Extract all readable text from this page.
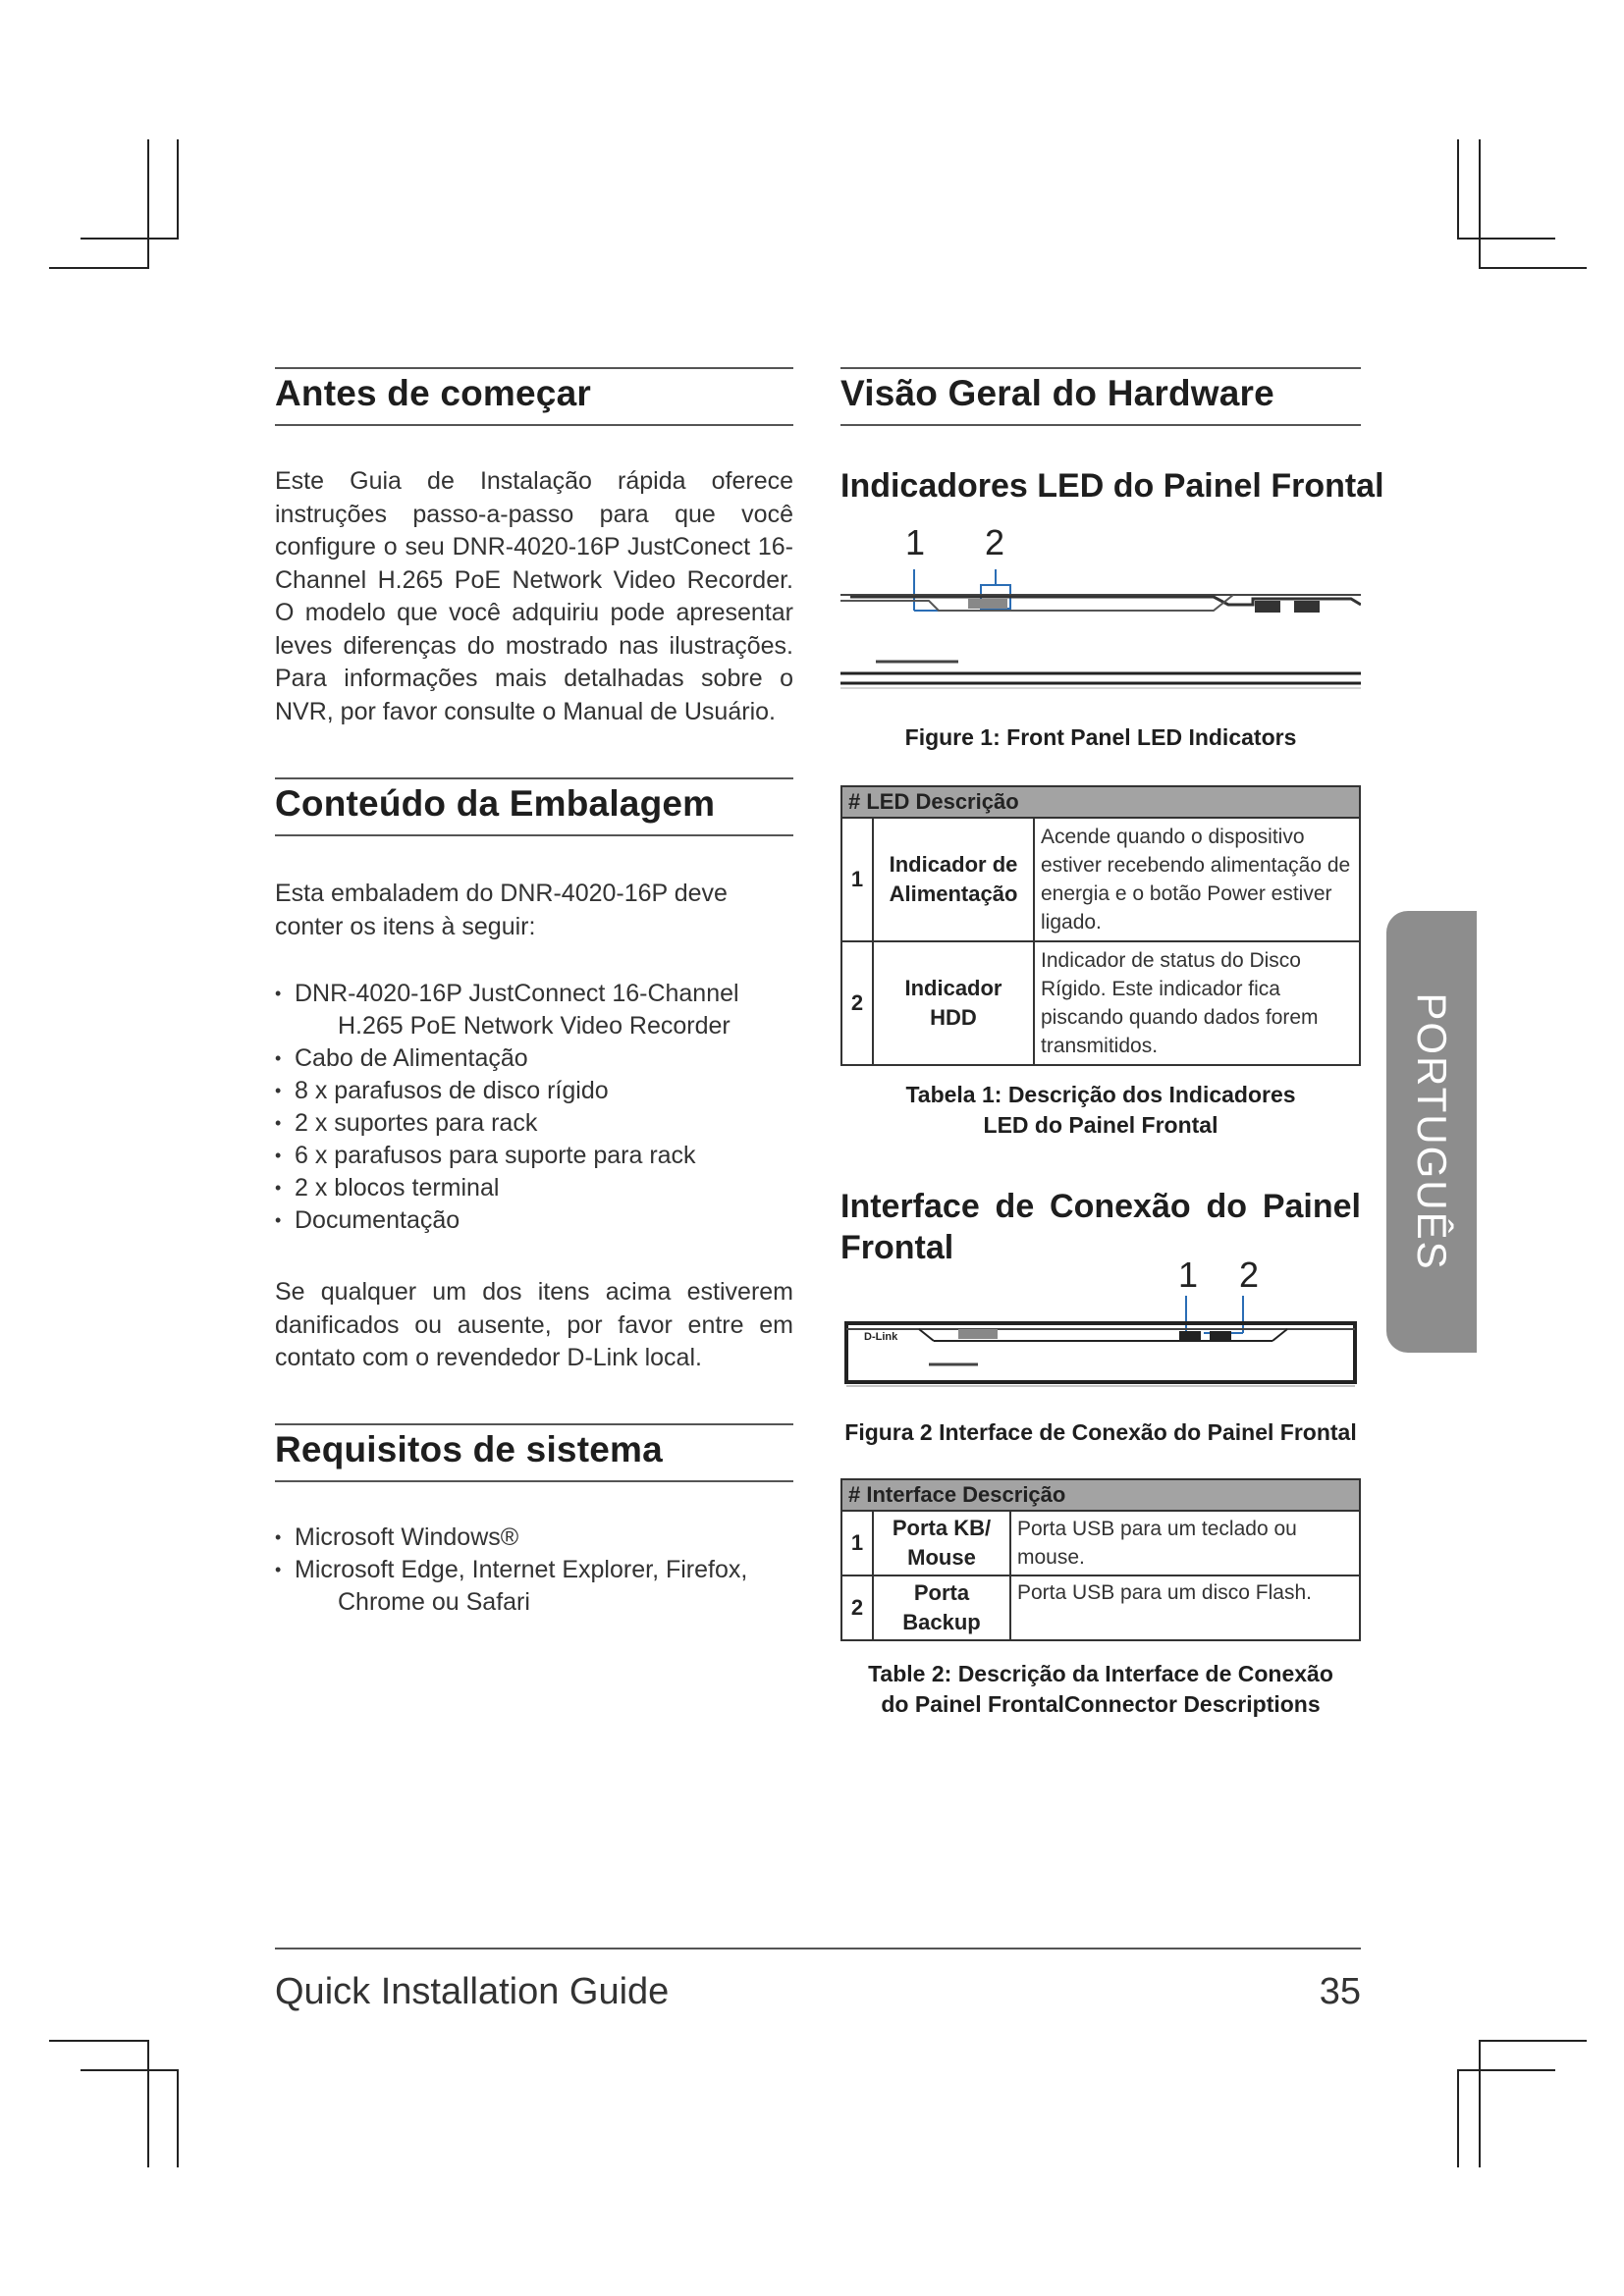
Antes de começar
Este Guia de Instalação rápida oferece instruções passo-a-passo para que você configure o seu DNR-4020-16P JustConect 16-Channel H.265 PoE Network Video Recorder. O modelo que você adquiriu pode apresentar leves diferenças do mostrado nas ilustrações. Para informações mais detalhadas sobre o NVR, por favor consulte o Manual de Usuário.
Conteúdo da Embalagem
Esta embaladem do DNR-4020-16P deve conter os itens à seguir:
• DNR-4020-16P JustConnect 16-Channel
H.265 PoE Network Video Recorder
• Cabo de Alimentação
• 8 x parafusos de disco rígido
• 2 x suportes para rack
• 6 x parafusos para suporte para rack
• 2 x blocos terminal
• Documentação
Se qualquer um dos itens acima estiverem danificados ou ausente, por favor entre em contato com o revendedor D-Link local.
Requisitos de sistema
• Microsoft Windows®
• Microsoft Edge, Internet Explorer, Firefox,
Chrome ou Safari
Visão Geral do Hardware
Indicadores LED do Painel Frontal
1 2
Figure 1: Front Panel LED Indicators
# LED Descrição		
1	Indicador de
Alimentação	Acende quando o dispositivo estiver recebendo alimentação de energia e o botão Power estiver ligado.
2	Indicador
HDD	Indicador de status do Disco Rígido. Este indicador fica piscando quando dados forem transmitidos.
Tabela 1: Descrição dos Indicadores
LED do Painel Frontal
Interface de Conexão do Painel
Frontal
1 2
D-Link
Figura 2 Interface de Conexão do Painel Frontal
# Interface Descrição		
1	Porta KB/
Mouse	Porta USB para um teclado ou mouse.
2	Porta
Backup	Porta USB para um disco Flash.
Table 2: Descrição da Interface de Conexão
do Painel FrontalConnector Descriptions
PORTUGUÊS
Quick Installation Guide	35
